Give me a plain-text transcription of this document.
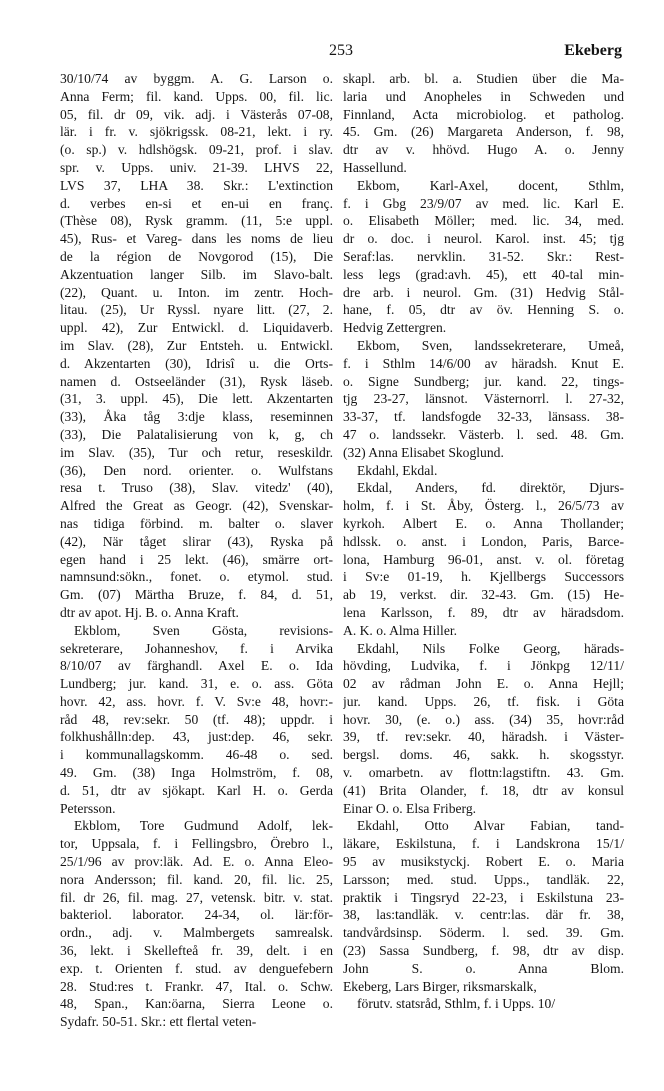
253	Ekeberg
30/10/74 av byggm. A. G. Larson o.
Anna Ferm; fil. kand. Upps. 00, fil. lic.
05, fil. dr 09, vik. adj. i Västerås 07-08,
lär. i fr. v. sjökrigssk. 08-21, lekt. i ry.
(o. sp.) v. hdlshögsk. 09-21, prof. i slav.
spr. v. Upps. univ. 21-39. LHVS 22,
LVS 37, LHA 38. Skr.: L'extinction
d. verbes en-si et en-ui en franç.
(Thèse 08), Rysk gramm. (11, 5:e uppl.
45), Rus- et Vareg- dans les noms de lieu
de la région de Novgorod (15), Die
Akzentuation langer Silb. im Slavo-balt.
(22), Quant. u. Inton. im zentr. Hoch-
litau. (25), Ur Ryssl. nyare litt. (27, 2.
uppl. 42), Zur Entwickl. d. Liquidaverb.
im Slav. (28), Zur Entsteh. u. Entwickl.
d. Akzentarten (30), Idrisî u. die Orts-
namen d. Ostseeländer (31), Rysk läseb.
(31, 3. uppl. 45), Die lett. Akzentarten
(33), Åka tåg 3:dje klass, reseminnen
(33), Die Palatalisierung von k, g, ch
im Slav. (35), Tur och retur, reseskildr.
(36), Den nord. orienter. o. Wulfstans
resa t. Truso (38), Slav. vitedz' (40),
Alfred the Great as Geogr. (42), Svenskar-
nas tidiga förbind. m. balter o. slaver
(42), När tåget slirar (43), Ryska på
egen hand i 25 lekt. (46), smärre ort-
namnsund:sökn., fonet. o. etymol. stud.
Gm. (07) Märtha Bruze, f. 84, d. 51,
dtr av apot. Hj. B. o. Anna Kraft.
Ekblom, Sven Gösta, revisions-
sekreterare, Johanneshov, f. i Arvika
8/10/07 av färghandl. Axel E. o. Ida
Lundberg; jur. kand. 31, e. o. ass. Göta
hovr. 42, ass. hovr. f. V. Sv:e 48, hovr:-
råd 48, rev:sekr. 50 (tf. 48); uppdr. i
folkhushålln:dep. 43, just:dep. 46, sekr.
i kommunallagskomm. 46-48 o. sed.
49. Gm. (38) Inga Holmström, f. 08,
d. 51, dtr av sjökapt. Karl H. o. Gerda
Petersson.
Ekblom, Tore Gudmund Adolf, lek-
tor, Uppsala, f. i Fellingsbro, Örebro l.,
25/1/96 av prov:läk. Ad. E. o. Anna Eleo-
nora Andersson; fil. kand. 20, fil. lic. 25,
fil. dr 26, fil. mag. 27, vetensk. bitr. v. stat.
bakteriol. laborator. 24-34, ol. lär:för-
ordn., adj. v. Malmbergets samrealsk.
36, lekt. i Skellefteå fr. 39, delt. i en
exp. t. Orienten f. stud. av denguefebern
28. Stud:res t. Frankr. 47, Ital. o. Schw.
48, Span., Kan:öarna, Sierra Leone o.
Sydafr. 50-51. Skr.: ett flertal veten-
skapl. arb. bl. a. Studien über die Ma-
laria und Anopheles in Schweden und
Finnland, Acta microbiolog. et patholog.
45. Gm. (26) Margareta Anderson, f. 98,
dtr av v. hhövd. Hugo A. o. Jenny
Hassellund.
Ekbom, Karl-Axel, docent, Sthlm,
f. i Gbg 23/9/07 av med. lic. Karl E.
o. Elisabeth Möller; med. lic. 34, med.
dr o. doc. i neurol. Karol. inst. 45; tjg
Seraf:las. nervklin. 31-52. Skr.: Rest-
less legs (grad:avh. 45), ett 40-tal min-
dre arb. i neurol. Gm. (31) Hedvig Stål-
hane, f. 05, dtr av öv. Henning S. o.
Hedvig Zettergren.
Ekbom, Sven, landssekreterare, Umeå,
f. i Sthlm 14/6/00 av häradsh. Knut E.
o. Signe Sundberg; jur. kand. 22, tings-
tjg 23-27, länsnot. Västernorrl. l. 27-32,
33-37, tf. landsfogde 32-33, länsass. 38-
47 o. landssekr. Västerb. l. sed. 48. Gm.
(32) Anna Elisabet Skoglund.
Ekdahl, Ekdal.
Ekdal, Anders, fd. direktör, Djurs-
holm, f. i St. Åby, Österg. l., 26/5/73 av
kyrkoh. Albert E. o. Anna Thollander;
hdlssk. o. anst. i London, Paris, Barce-
lona, Hamburg 96-01, anst. v. ol. företag
i Sv:e 01-19, h. Kjellbergs Successors
ab 19, verkst. dir. 32-43. Gm. (15) He-
lena Karlsson, f. 89, dtr av häradsdom.
A. K. o. Alma Hiller.
Ekdahl, Nils Folke Georg, härads-
hövding, Ludvika, f. i Jönkpg 12/11/
02 av rådman John E. o. Anna Hejll;
jur. kand. Upps. 26, tf. fisk. i Göta
hovr. 30, (e. o.) ass. (34) 35, hovr:råd
39, tf. rev:sekr. 40, häradsh. i Väster-
bergsl. doms. 46, sakk. h. skogsstyr.
v. omarbetn. av flottn:lagstiftn. 43. Gm.
(41) Brita Olander, f. 18, dtr av konsul
Einar O. o. Elsa Friberg.
Ekdahl, Otto Alvar Fabian, tand-
läkare, Eskilstuna, f. i Landskrona 15/1/
95 av musikstyckj. Robert E. o. Maria
Larsson; med. stud. Upps., tandläk. 22,
praktik i Tingsryd 22-23, i Eskilstuna 23-
38, las:tandläk. v. centr:las. där fr. 38,
tandvårdsinsp. Söderm. l. sed. 39. Gm.
(23) Sassa Sundberg, f. 98, dtr av disp.
John S. o. Anna Blom.
Ekeberg, Lars Birger, riksmarskalk,
förutv. statsråd, Sthlm, f. i Upps. 10/
